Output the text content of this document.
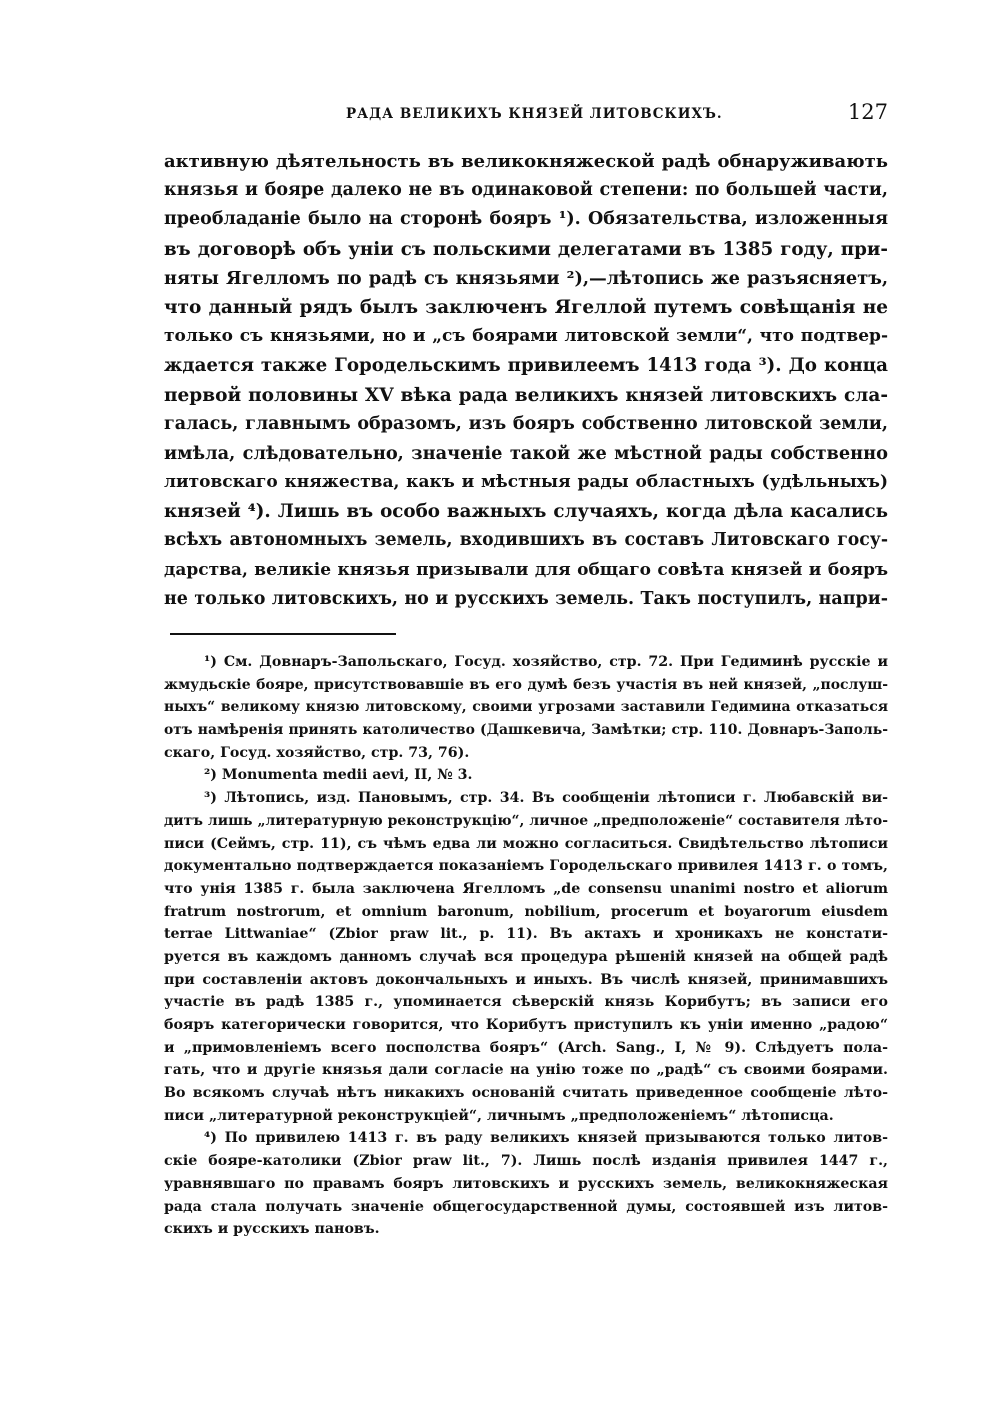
РАДА ВЕЛИКИХЪ КНЯЗЕЙ ЛИТОВСКИХЪ.	127
активную дѣятельность въ великокняжеской радѣ обнаруживають
князья и бояре далеко не въ одинаковой степени: по большей части,
преобладаніе было на сторонѣ бояръ ¹). Обязательства, изложенныя
въ договорѣ объ уніи съ польскими делегатами въ 1385 году, при-
няты Ягелломъ по радѣ съ князьями ²),—лѣтопись же разъясняетъ,
что данный рядъ былъ заключенъ Ягеллой путемъ совѣщанія не
только съ князьями, но и „съ боярами литовской земли“, что подтвер-
ждается также Городельскимъ привилеемъ 1413 года ³). До конца
первой половины XV вѣка рада великихъ князей литовскихъ сла-
галась, главнымъ образомъ, изъ бояръ собственно литовской земли,
имѣла, слѣдовательно, значеніе такой же мѣстной рады собственно
литовскаго княжества, какъ и мѣстныя рады областныхъ (удѣльныхъ)
князей ⁴). Лишь въ особо важныхъ случаяхъ, когда дѣла касались
всѣхъ автономныхъ земель, входившихъ въ составъ Литовскаго госу-
дарства, великіе князья призывали для общаго совѣта князей и бояръ
не только литовскихъ, но и русскихъ земель. Такъ поступилъ, напри-
¹) См. Довнаръ-Запольскаго, Госуд. хозяйство, стр. 72. При Гедиминѣ русскіе и
жмудьскіе бояре, присутствовавшіе въ его думѣ безъ участія въ ней князей, „послуш-
ныхъ“ великому князю литовскому, своими угрозами заставили Гедимина отказаться
отъ намѣренія принять католичество (Дашкевича, Замѣтки; стр. 110. Довнаръ-Заполь-
скаго, Госуд. хозяйство, стр. 73, 76).
²) Monumenta medii aevi, II, № 3.
³) Лѣтопись, изд. Пановымъ, стр. 34. Въ сообщеніи лѣтописи г. Любавскій ви-
дитъ лишь „литературную реконструкцію“, личное „предположеніе“ составителя лѣто-
писи (Сеймъ, стр. 11), съ чѣмъ едва ли можно согласиться. Свидѣтельство лѣтописи
документально подтверждается показаніемъ Городельскаго привилея 1413 г. о томъ,
что унія 1385 г. была заключена Ягелломъ „de consensu unanimi nostro et aliorum
fratrum nostrorum, et omnium baronum, nobilium, procerum et boyarorum eiusdem
terrae Littwaniae“ (Zbior praw lit., p. 11). Въ актахъ и хроникахъ не констати-
руется въ каждомъ данномъ случаѣ вся процедура рѣшеній князей на общей радѣ
при составленіи актовъ докончальныхъ и иныхъ. Въ числѣ князей, принимавшихъ
участіе въ радѣ 1385 г., упоминается сѣверскій князь Корибутъ; въ записи его
бояръ категорически говорится, что Корибутъ приступилъ къ уніи именно „радою“
и „примовленіемъ всего посполства бояръ“ (Arch. Sang., I, № 9). Слѣдуетъ пола-
гать, что и другіе князья дали согласіе на унію тоже по „радѣ“ съ своими боярами.
Во всякомъ случаѣ нѣтъ никакихъ основаній считать приведенное сообщеніе лѣто-
писи „литературной реконструкціей“, личнымъ „предположеніемъ“ лѣтописца.
⁴) По привилею 1413 г. въ раду великихъ князей призываются только литов-
скіе бояре-католики (Zbior praw lit., 7). Лишь послѣ изданія привилея 1447 г.,
уравнявшаго по правамъ бояръ литовскихъ и русскихъ земель, великокняжеская
рада стала получать значеніе общегосударственной думы, состоявшей изъ литов-
скихъ и русскихъ пановъ.
